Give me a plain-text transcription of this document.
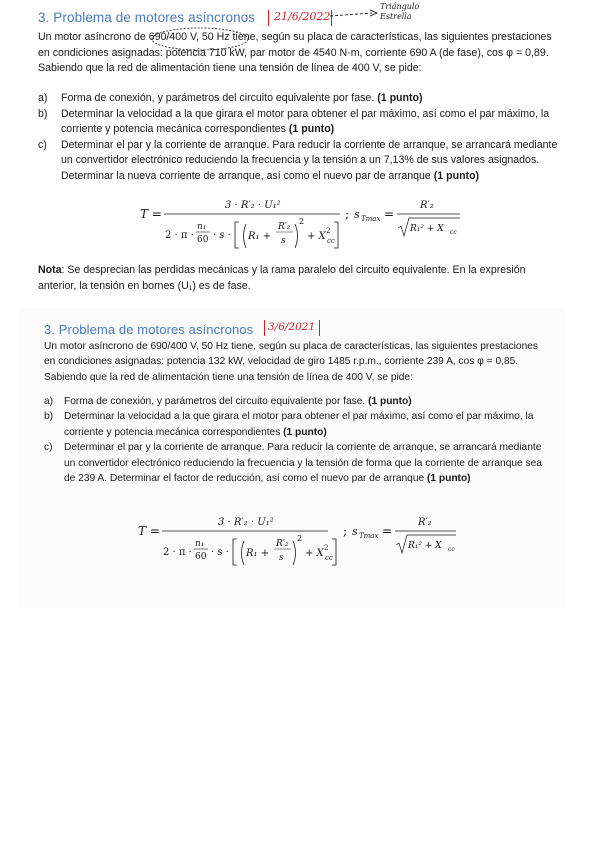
3. Problema de motores asíncronos 21/6/2022
Triángulo Estrella
Un motor asíncrono de 690/400 V, 50 Hz tiene, según su placa de características, las siguientes prestaciones en condiciones asignadas: potencia 710 kW, par motor de 4540 N·m, corriente 690 A (de fase), cos φ = 0,89. Sabiendo que la red de alimentación tiene una tensión de línea de 400 V, se pide:
a) Forma de conexión, y parámetros del circuito equivalente por fase. (1 punto)
b) Determinar la velocidad a la que girara el motor para obtener el par máximo, así como el par máximo, la corriente y potencia mecánica correspondientes (1 punto)
c) Determinar el par y la corriente de arranque. Para reducir la corriente de arranque, se arrancará mediante un convertidor electrónico reduciendo la frecuencia y la tensión a un 7,13% de sus valores asignados. Determinar la nueva corriente de arranque, así como el nuevo par de arranque (1 punto)
T =
3 · R′₂ · U₁²
2 · π ·
n₁
60 · s · R₁ +
R′₂
s
2
+ X cc
2
; s Tmax =
R′₂
R₁² + X cc
Nota: Se desprecian las perdidas mecánicas y la rama paralelo del circuito equivalente. En la expresión anterior, la tensión en bornes (U₁) es de fase.
3. Problema de motores asíncronos 3/6/2021
Un motor asíncrono de 690/400 V, 50 Hz tiene, según su placa de características, las siguientes prestaciones en condiciones asignadas: potencia 132 kW, velocidad de giro 1485 r.p.m., corriente 239 A, cos φ = 0,85. Sabiendo que la red de alimentación tiene una tensión de línea de 400 V, se pide:
a) Forma de conexión, y parámetros del circuito equivalente por fase. (1 punto)
b) Determinar la velocidad a la que girara el motor para obtener el par máximo, así como el par máximo, la corriente y potencia mecánica correspondientes (1 punto)
c) Determinar el par y la corriente de arranque. Para reducir la corriente de arranque, se arrancará mediante un convertidor electrónico reduciendo la frecuencia y la tensión de forma que la corriente de arranque sea de 239 A. Determinar el factor de reducción, así como el nuevo par de arranque (1 punto)
T =
3 · R′₂ · U₁²
2 · π ·
n₁
60 · s · R₁ +
R′₂
s
2
+ X cc
2
; s Tmax =
R′₂
R₁² + X cc
